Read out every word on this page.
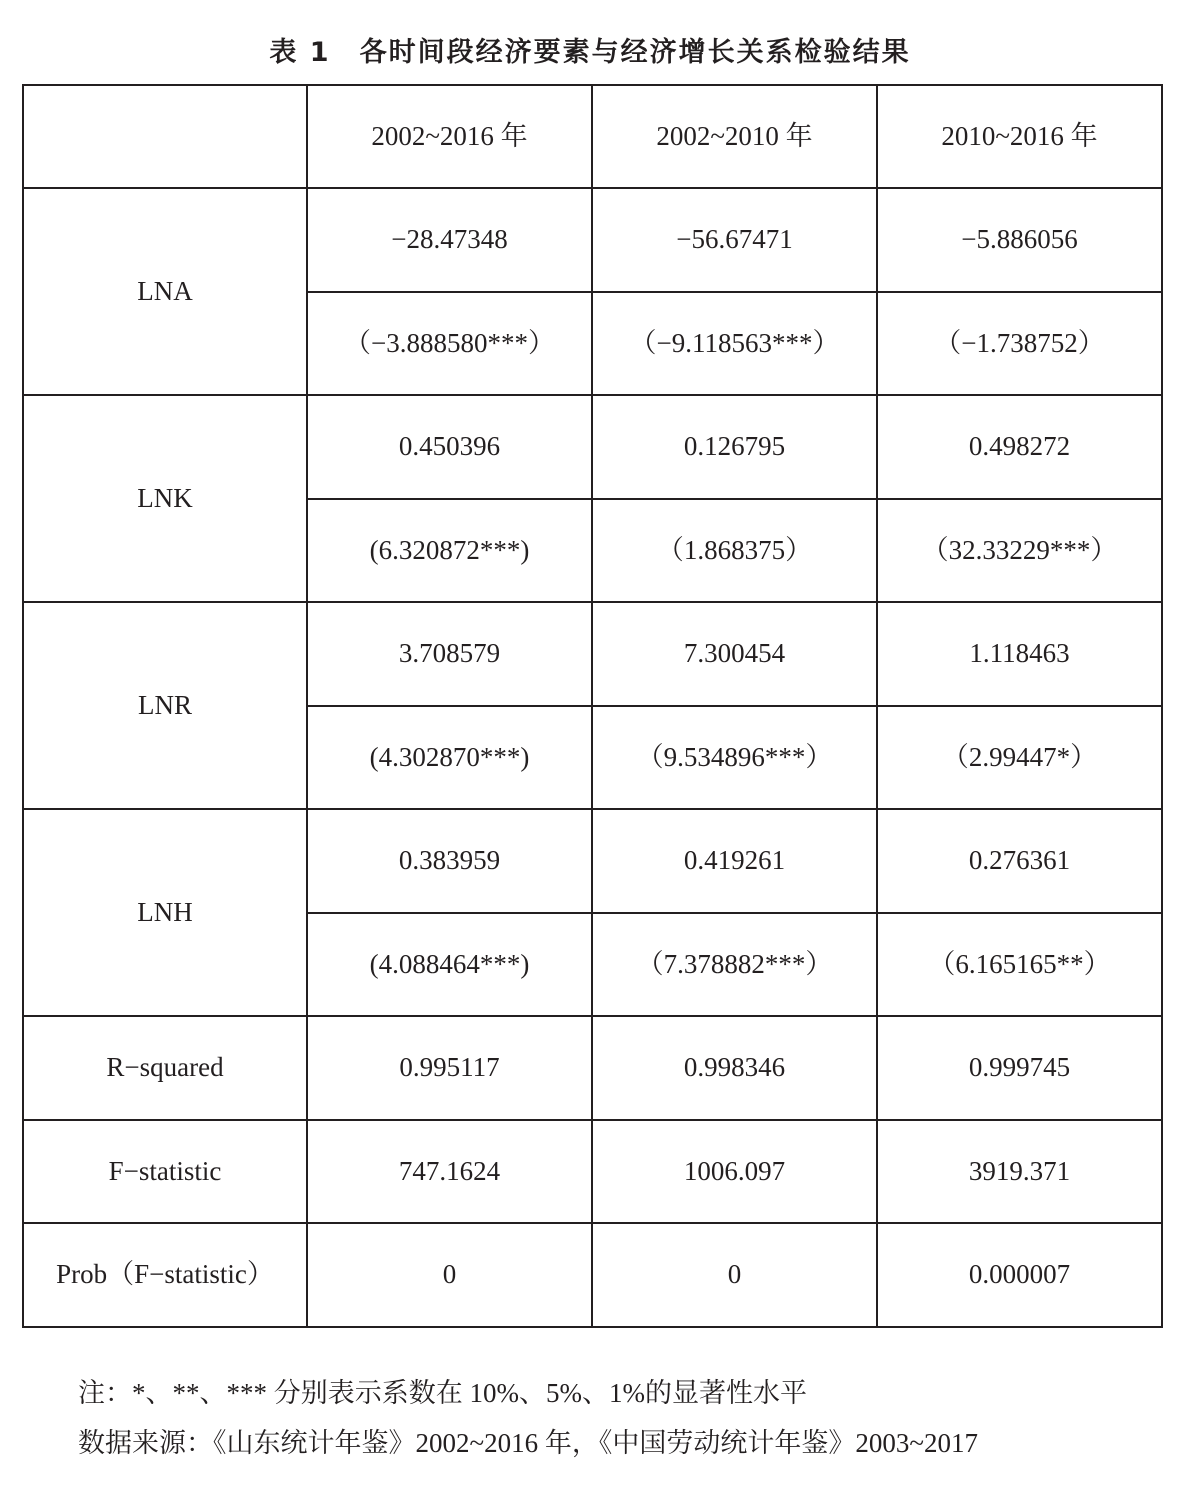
表 1　各时间段经济要素与经济增长关系检验结果
	2002~2016 年	2002~2010 年	2010~2016 年
LNA	−28.47348	−56.67471	−5.886056
	（−3.888580***）	（−9.118563***）	（−1.738752）
LNK	0.450396	0.126795	0.498272
	(6.320872***)	（1.868375）	（32.33229***）
LNR	3.708579	7.300454	1.118463
	(4.302870***)	（9.534896***）	（2.99447*）
LNH	0.383959	0.419261	0.276361
	(4.088464***)	（7.378882***）	（6.165165**）
R−squared	0.995117	0.998346	0.999745
F−statistic	747.1624	1006.097	3919.371
Prob（F−statistic）	0	0	0.000007
注：*、**、*** 分别表示系数在 10%、5%、1%的显著性水平
数据来源：《山东统计年鉴》2002~2016 年，《中国劳动统计年鉴》2003~2017
